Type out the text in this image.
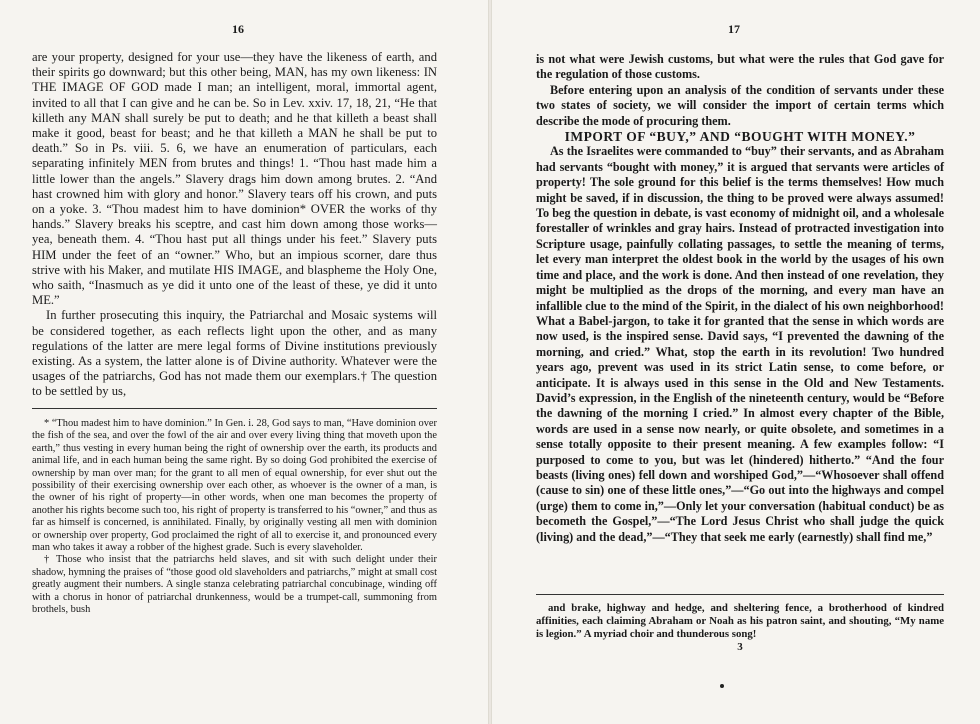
16

are your property, designed for your use—they have the likeness of earth, and their spirits go downward; but this other being, MAN, has my own likeness: IN THE IMAGE OF GOD made I man; an intelligent, moral, immortal agent, invited to all that I can give and he can be. So in Lev. xxiv. 17, 18, 21, “He that killeth any MAN shall surely be put to death; and he that killeth a beast shall make it good, beast for beast; and he that killeth a MAN he shall be put to death.” So in Ps. viii. 5. 6, we have an enumeration of particulars, each separating infinitely MEN from brutes and things! 1. “Thou hast made him a little lower than the angels.” Slavery drags him down among brutes. 2. “And hast crowned him with glory and honor.” Slavery tears off his crown, and puts on a yoke. 3. “Thou madest him to have dominion* OVER the works of thy hands.” Slavery breaks his sceptre, and cast him down among those works—yea, beneath them. 4. “Thou hast put all things under his feet.” Slavery puts HIM under the feet of an “owner.” Who, but an impious scorner, dare thus strive with his Maker, and mutilate HIS IMAGE, and blaspheme the Holy One, who saith, “Inasmuch as ye did it unto one of the least of these, ye did it unto ME.”

In further prosecuting this inquiry, the Patriarchal and Mosaic systems will be considered together, as each reflects light upon the other, and as many regulations of the latter are mere legal forms of Divine institutions previously existing. As a system, the latter alone is of Divine authority. Whatever were the usages of the patriarchs, God has not made them our exemplars.† The question to be settled by us,

* “Thou madest him to have dominion.” In Gen. i. 28, God says to man, “Have dominion over the fish of the sea, and over the fowl of the air and over every living thing that moveth upon the earth,” thus vesting in every human being the right of ownership over the earth, its products and animal life, and in each human being the same right. By so doing God prohibited the exercise of ownership by man over man; for the grant to all men of equal ownership, for ever shut out the possibility of their exercising ownership over each other, as whoever is the owner of a man, is the owner of his right of property—in other words, when one man becomes the property of another his rights become such too, his right of property is transferred to his “owner,” and thus as far as himself is concerned, is annihilated. Finally, by originally vesting all men with dominion or ownership over property, God proclaimed the right of all to exercise it, and pronounced every man who takes it away a robber of the highest grade. Such is every slaveholder.

† Those who insist that the patriarchs held slaves, and sit with such delight under their shadow, hymning the praises of “those good old slaveholders and patriarchs,” might at small cost greatly augment their numbers. A single stanza celebrating patriarchal concubinage, winding off with a chorus in honor of patriarchal drunkenness, would be a trumpet-call, summoning from brothels, bush

17

is not what were Jewish customs, but what were the rules that God gave for the regulation of those customs.

Before entering upon an analysis of the condition of servants under these two states of society, we will consider the import of certain terms which describe the mode of procuring them.

IMPORT OF “BUY,” AND “BOUGHT WITH MONEY.”

As the Israelites were commanded to “buy” their servants, and as Abraham had servants “bought with money,” it is argued that servants were articles of property! The sole ground for this belief is the terms themselves! How much might be saved, if in discussion, the thing to be proved were always assumed! To beg the question in debate, is vast economy of midnight oil, and a wholesale forestaller of wrinkles and gray hairs. Instead of protracted investigation into Scripture usage, painfully collating passages, to settle the meaning of terms, let every man interpret the oldest book in the world by the usages of his own time and place, and the work is done. And then instead of one revelation, they might be multiplied as the drops of the morning, and every man have an infallible clue to the mind of the Spirit, in the dialect of his own neighborhood! What a Babel-jargon, to take it for granted that the sense in which words are now used, is the inspired sense. David says, “I prevented the dawning of the morning, and cried.” What, stop the earth in its revolution! Two hundred years ago, prevent was used in its strict Latin sense, to come before, or anticipate. It is always used in this sense in the Old and New Testaments. David’s expression, in the English of the nineteenth century, would be “Before the dawning of the morning I cried.” In almost every chapter of the Bible, words are used in a sense now nearly, or quite obsolete, and sometimes in a sense totally opposite to their present meaning. A few examples follow: “I purposed to come to you, but was let (hindered) hitherto.” “And the four beasts (living ones) fell down and worshiped God,”—“Whosoever shall offend (cause to sin) one of these little ones,”—“Go out into the highways and compel (urge) them to come in,”—Only let your conversation (habitual conduct) be as becometh the Gospel,”—“The Lord Jesus Christ who shall judge the quick (living) and the dead,”—“They that seek me early (earnestly) shall find me,”

and brake, highway and hedge, and sheltering fence, a brotherhood of kindred affinities, each claiming Abraham or Noah as his patron saint, and shouting, “My name is legion.” A myriad choir and thunderous song!

3
